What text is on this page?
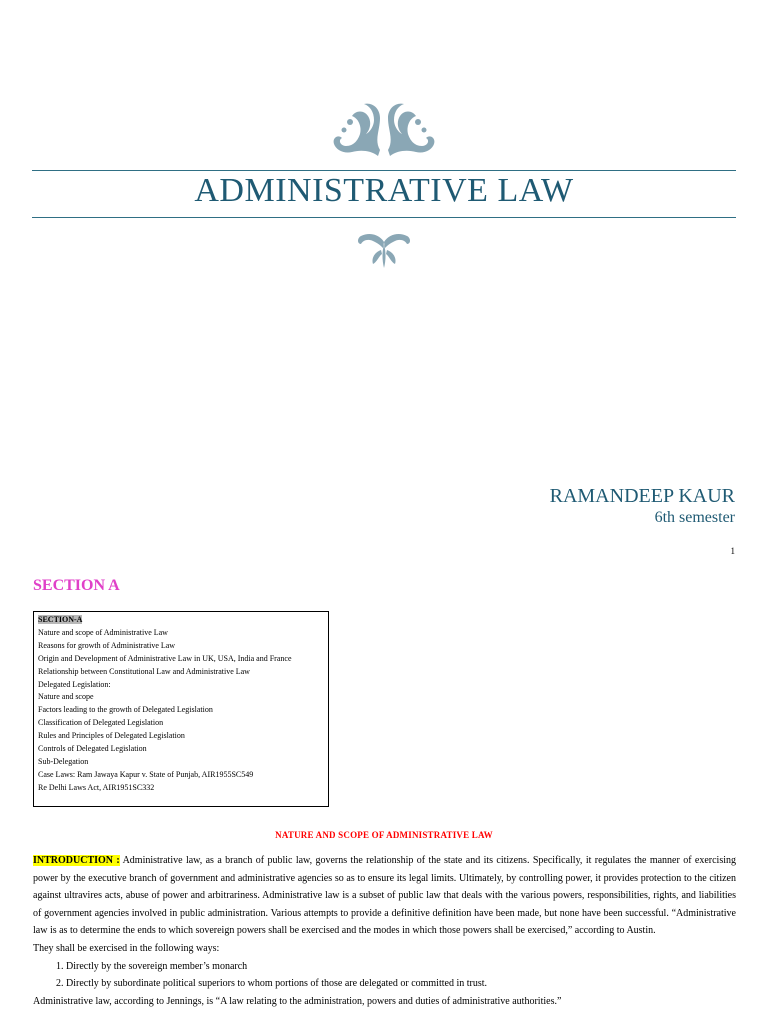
ADMINISTRATIVE LAW
RAMANDEEP KAUR
6th semester
1
SECTION A
SECTION-A
Nature and scope of Administrative Law
Reasons for growth of Administrative Law
Origin and Development of Administrative Law in UK, USA, India and France
Relationship between Constitutional Law and Administrative Law
Delegated Legislation:
Nature and scope
Factors leading to the growth of Delegated Legislation
Classification of Delegated Legislation
Rules and Principles of Delegated Legislation
Controls of Delegated Legislation
Sub-Delegation
Case Laws: Ram Jawaya Kapur v. State of Punjab, AIR1955SC549
Re Delhi Laws Act, AIR1951SC332
NATURE AND SCOPE OF ADMINISTRATIVE LAW

INTRODUCTION : Administrative law, as a branch of public law, governs the relationship of the state and its citizens. Specifically, it regulates the manner of exercising power by the executive branch of government and administrative agencies so as to ensure its legal limits. Ultimately, by controlling power, it provides protection to the citizen against ultravires acts, abuse of power and arbitrariness. Administrative law is a subset of public law that deals with the various powers, responsibilities, rights, and liabilities of government agencies involved in public administration. Various attempts to provide a definitive definition have been made, but none have been successful. “Administrative law is as to determine the ends to which sovereign powers shall be exercised and the modes in which those powers shall be exercised,” according to Austin.

They shall be exercised in the following ways:

1. Directly by the sovereign member’s monarch
2. Directly by subordinate political superiors to whom portions of those are delegated or committed in trust.

Administrative law, according to Jennings, is “A law relating to the administration, powers and duties of administrative authorities.”
